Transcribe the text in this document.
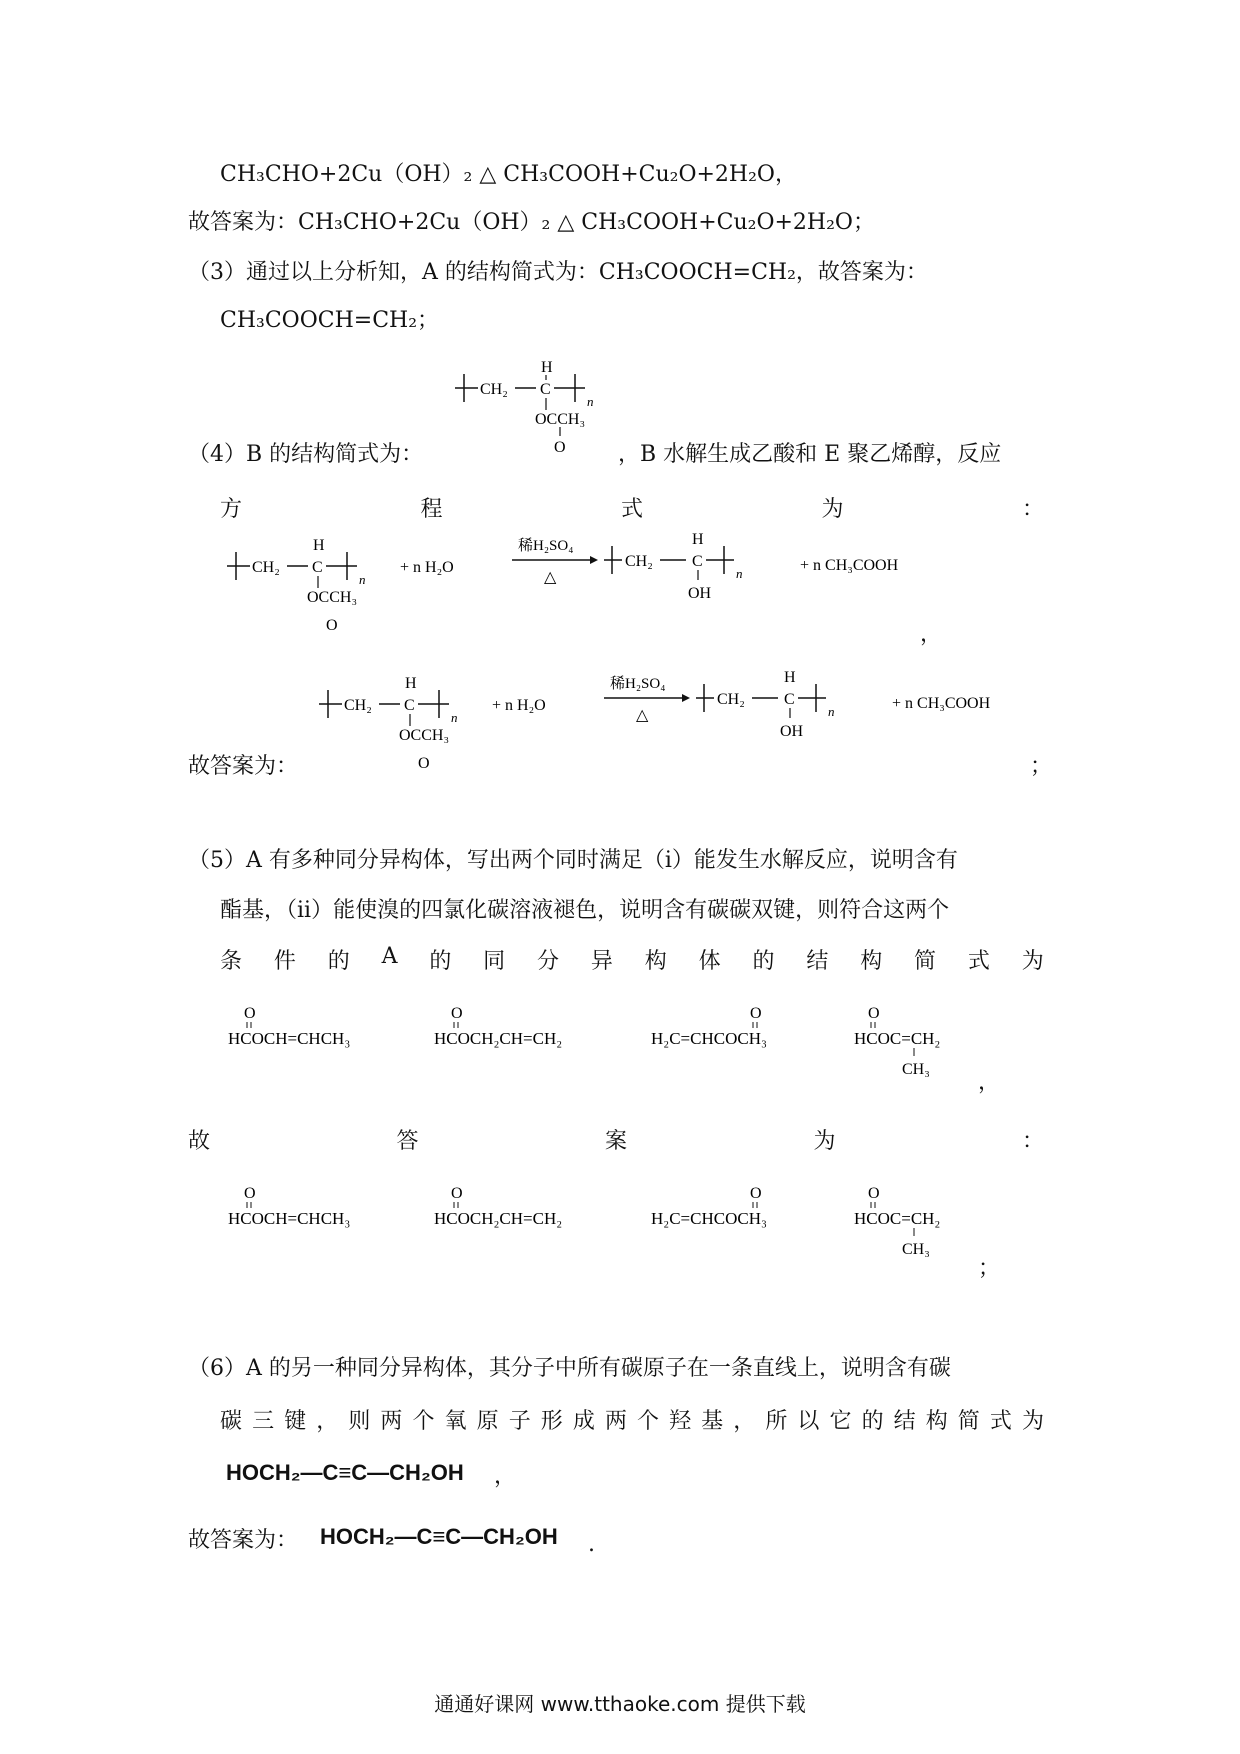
CH₃CHO+2Cu（OH）₂ △ CH₃COOH+Cu₂O+2H₂O，
故答案为：CH₃CHO+2Cu（OH）₂ △ CH₃COOH+Cu₂O+2H₂O；
（3）通过以上分析知，A 的结构简式为：CH₃COOCH=CH₂，故答案为：
CH₃COOCH=CH₂；
CH₂
H
C
n
OCCH₃
O
（4）B 的结构简式为：	，B 水解生成乙酸和 E 聚乙烯醇，反应
方	程	式	为	：
CH₂
H
C
n
OCCH₃
O
+ n H₂O
稀H₂SO₄
△
CH₂
H
C
n
OH
+ n CH₃COOH
，
CH₂
H
C
n
OCCH₃
O
+ n H₂O
稀H₂SO₄
△
CH₂
H
C
n
OH
+ n CH₃COOH
故答案为：	；
（5）A 有多种同分异构体，写出两个同时满足（i）能发生水解反应，说明含有
酯基，（ii）能使溴的四氯化碳溶液褪色，说明含有碳碳双键，则符合这两个
条 件 的 A 的 同 分 异 构 体 的 结 构 简 式 为
O
HCOCH=CHCH₃
O
HCOCH₂CH=CH₂
O
H₂C=CHCOCH₃
O
HCOC=CH₂
CH₃
，
故	答	案	为	：
O
HCOCH=CHCH₃
O
HCOCH₂CH=CH₂
O
H₂C=CHCOCH₃
O
HCOC=CH₂
CH₃
；
（6）A 的另一种同分异构体，其分子中所有碳原子在一条直线上，说明含有碳
碳 三 键 ， 则 两 个 氧 原 子 形 成 两 个 羟 基 ， 所 以 它 的 结 构 简 式 为
HOCH₂—C≡C—CH₂OH ，
故答案为： HOCH₂—C≡C—CH₂OH .
通通好课网 www.tthaoke.com 提供下载
